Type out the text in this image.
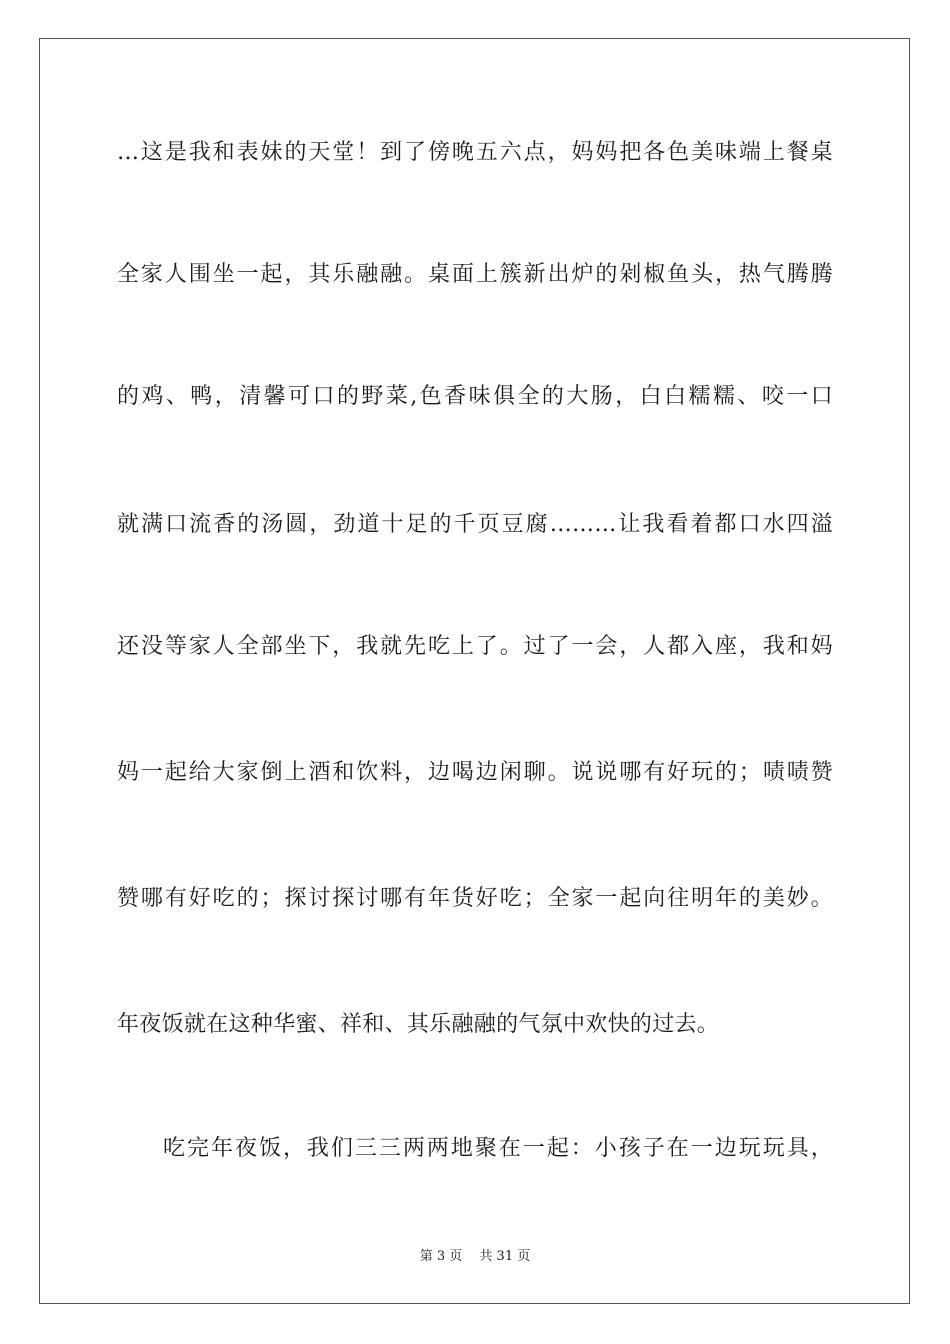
…这是我和表妹的天堂！到了傍晚五六点，妈妈把各色美味端上餐桌
全家人围坐一起，其乐融融。桌面上簇新出炉的剁椒鱼头，热气腾腾
的鸡、鸭，清馨可口的野菜,色香味俱全的大肠，白白糯糯、咬一口
就满口流香的汤圆，劲道十足的千页豆腐………让我看着都口水四溢
还没等家人全部坐下，我就先吃上了。过了一会，人都入座，我和妈
妈一起给大家倒上酒和饮料，边喝边闲聊。说说哪有好玩的；啧啧赞
赞哪有好吃的；探讨探讨哪有年货好吃；全家一起向往明年的美妙。
年夜饭就在这种华蜜、祥和、其乐融融的气氛中欢快的过去。
吃完年夜饭，我们三三两两地聚在一起：小孩子在一边玩玩具，
第 3 页　 共 31 页
